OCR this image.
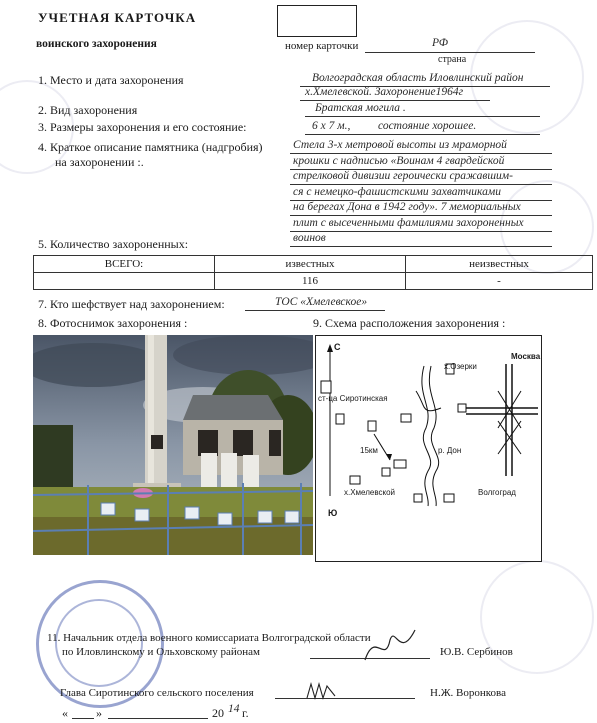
УЧЕТНАЯ КАРТОЧКА
воинского захоронения	номер карточки	РФ
страна
1. Место и дата захоронения	Волгоградская область Иловлинский район
х.Хмелевской. Захоронение1964г
2. Вид захоронения	Братская могила .
3. Размеры захоронения и его состояние:	6 х 7 м., состояние хорошее.
4. Краткое описание памятника (надгробия)
на захоронении :.
Стела 3-х метровой высоты из мраморной
крошки с надписью «Воинам 4 гвардейской
стрелковой дивизии героически сражавшим-
ся с немецко-фашистскими захватчиками
на берегах Дона в 1942 году». 7 мемориальных
плит с высеченными фамилиями захороненных
воинов
5. Количество захороненных:
ВСЕГО:	известных	неизвестных
	116	-
7. Кто шефствует над захоронением:	ТОС «Хмелевское»
8. Фотоснимок захоронения :	9. Схема расположения захоронения :
С
Ю
Москва
х.Озерки
ст-ца Сиротинская
р. Дон
15км
х.Хмелевской	Волгоград
11. Начальник отдела военного комиссариата Волгоградской области
по Иловлинскому и Ольховскому районам	Ю.В. Сербинов
Глава Сиротинского сельского поселения	Н.Ж. Воронкова
« »	20 14 г.
